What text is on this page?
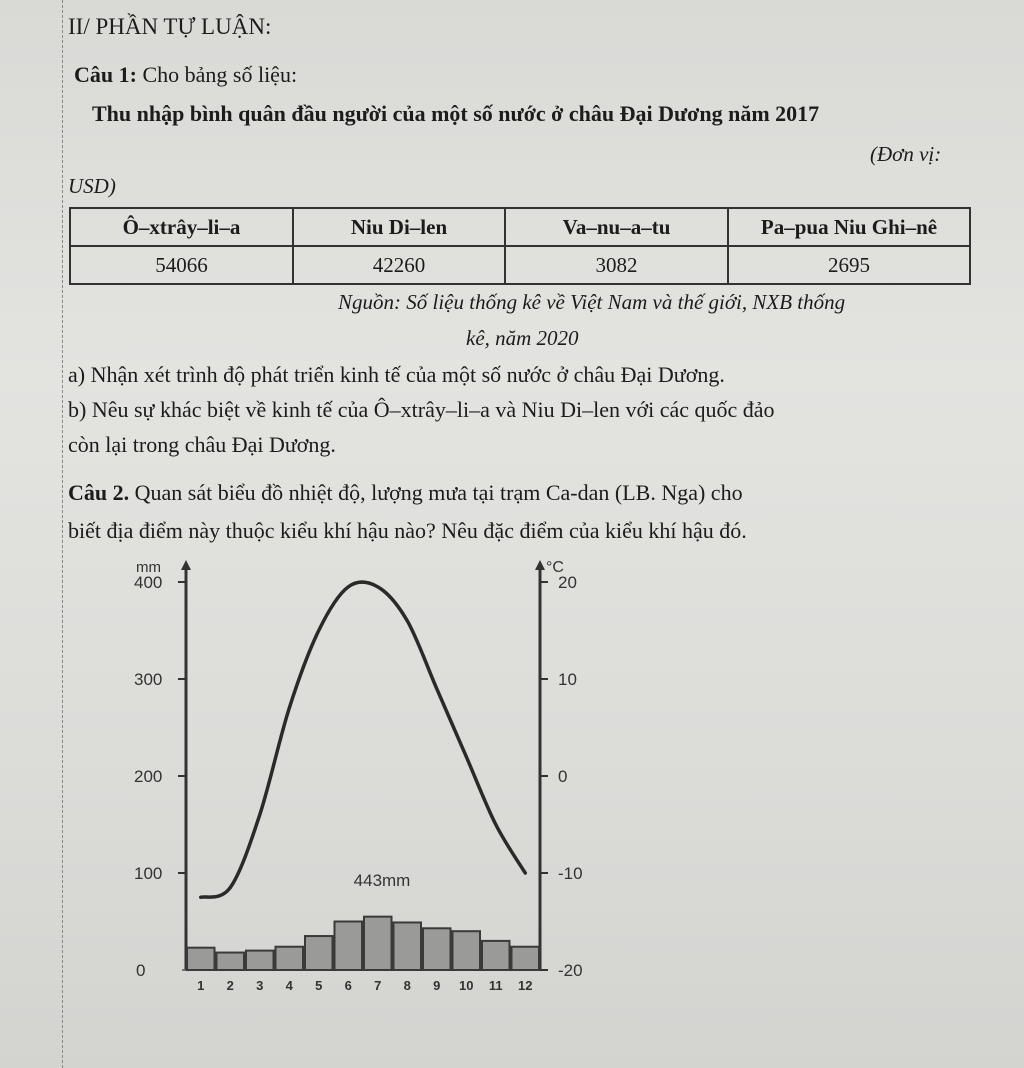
II/ PHẦN TỰ LUẬN:
Câu 1: Cho bảng số liệu:
Thu nhập bình quân đầu người của một số nước ở châu Đại Dương năm 2017
(Đơn vị:
USD)
Ô–xtrây–li–a	Niu Di–len	Va–nu–a–tu	Pa–pua Niu Ghi–nê
54066	42260	3082	2695
Nguồn: Số liệu thống kê về Việt Nam và thế giới, NXB thống
kê, năm 2020
a) Nhận xét trình độ phát triển kinh tế của một số nước ở châu Đại Dương.
b) Nêu sự khác biệt về kinh tế của Ô–xtrây–li–a và Niu Di–len với các quốc đảo
còn lại trong châu Đại Dương.
Câu 2. Quan sát biểu đồ nhiệt độ, lượng mưa tại trạm Ca-dan (LB. Nga) cho
biết địa điểm này thuộc kiểu khí hậu nào? Nêu đặc điểm của kiểu khí hậu đó.
mm	°C
0
100
200
300
400
-20
-10
0
10
20
1 2 3 4 5 6 7 8 9 10 11 12
443mm
